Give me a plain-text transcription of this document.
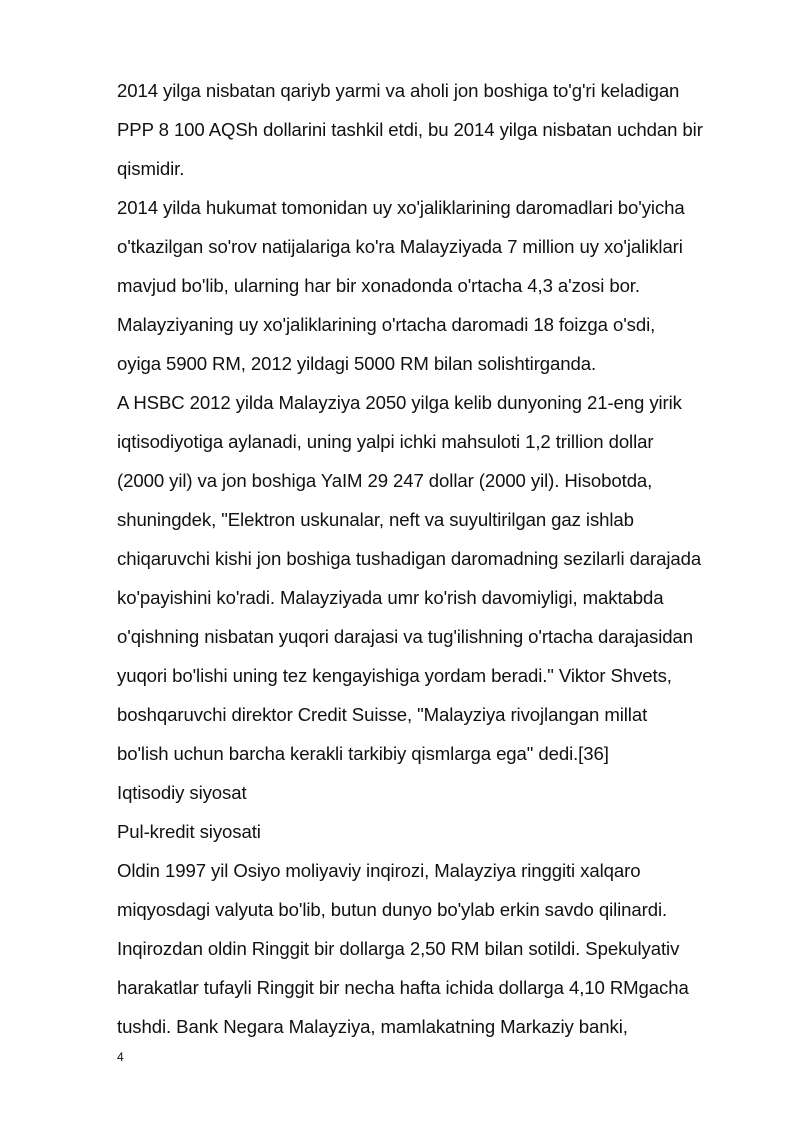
2014 yilga nisbatan qariyb yarmi va aholi jon boshiga to'g'ri keladigan
PPP 8 100 AQSh dollarini tashkil etdi, bu 2014 yilga nisbatan uchdan bir
qismidir.
2014 yilda hukumat tomonidan uy xo'jaliklarining daromadlari bo'yicha
o'tkazilgan so'rov natijalariga ko'ra Malayziyada 7 million uy xo'jaliklari
mavjud bo'lib, ularning har bir xonadonda o'rtacha 4,3 a'zosi bor.
Malayziyaning uy xo'jaliklarining o'rtacha daromadi 18 foizga o'sdi,
oyiga 5900 RM, 2012 yildagi 5000 RM bilan solishtirganda.
A HSBC 2012 yilda Malayziya 2050 yilga kelib dunyoning 21-eng yirik
iqtisodiyotiga aylanadi, uning yalpi ichki mahsuloti 1,2 trillion dollar
(2000 yil) va jon boshiga YaIM 29 247 dollar (2000 yil). Hisobotda,
shuningdek, "Elektron uskunalar, neft va suyultirilgan gaz ishlab
chiqaruvchi kishi jon boshiga tushadigan daromadning sezilarli darajada
ko'payishini ko'radi. Malayziyada umr ko'rish davomiyligi, maktabda
o'qishning nisbatan yuqori darajasi va tug'ilishning o'rtacha darajasidan
yuqori bo'lishi uning tez kengayishiga yordam beradi." Viktor Shvets,
boshqaruvchi direktor Credit Suisse, "Malayziya rivojlangan millat
bo'lish uchun barcha kerakli tarkibiy qismlarga ega" dedi.[36]
Iqtisodiy siyosat
Pul-kredit siyosati
Oldin 1997 yil Osiyo moliyaviy inqirozi, Malayziya ringgiti xalqaro
miqyosdagi valyuta bo'lib, butun dunyo bo'ylab erkin savdo qilinardi.
Inqirozdan oldin Ringgit bir dollarga 2,50 RM bilan sotildi. Spekulyativ
harakatlar tufayli Ringgit bir necha hafta ichida dollarga 4,10 RMgacha
tushdi. Bank Negara Malayziya, mamlakatning Markaziy banki,
4
